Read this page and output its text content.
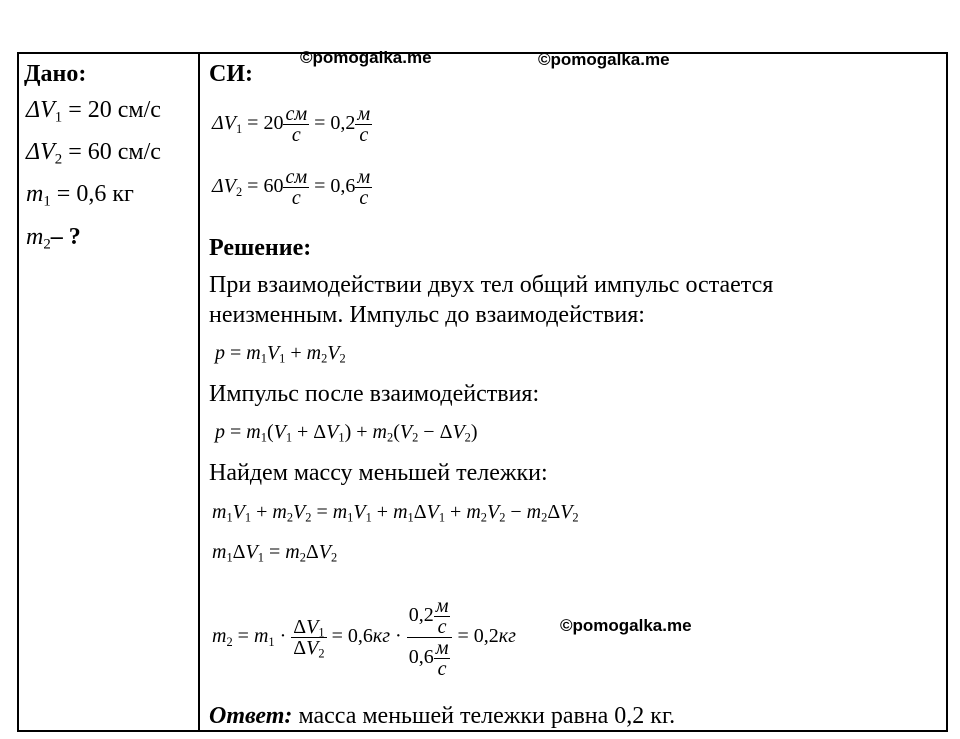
©pomogalka.me	©pomogalka.me
©pomogalka.me
Дано:
$\Delta V_1 = 20$ см/с
$\Delta V_2 = 60$ см/с
$m_1 = 0,6$ кг
$m_2-$ ?
СИ:
$\Delta V_1 = 20 \frac{см}{с} = 0,2 \frac{м}{с}$
$\Delta V_2 = 60 \frac{см}{с} = 0,6 \frac{м}{с}$
Решение:
При взаимодействии двух тел общий импульс остается
неизменным. Импульс до взаимодействия:
$p = m_1V_1 + m_2V_2$
Импульс после взаимодействия:
$p = m_1(V_1 + \Delta V_1) + m_2(V_2 - \Delta V_2)$
Найдем массу меньшей тележки:
$m_1V_1 + m_2V_2 = m_1V_1 + m_1\Delta V_1 + m_2V_2 - m_2\Delta V_2$
$m_1\Delta V_1 = m_2\Delta V_2$
$m_2 = m_1 \cdot \frac{\Delta V_1}{\Delta V_2} = 0,6кг \cdot \frac{0,2 \frac{м}{с}}{0,6 \frac{м}{с}} = 0,2кг$
Ответ: масса меньшей тележки равна 0,2 кг.
